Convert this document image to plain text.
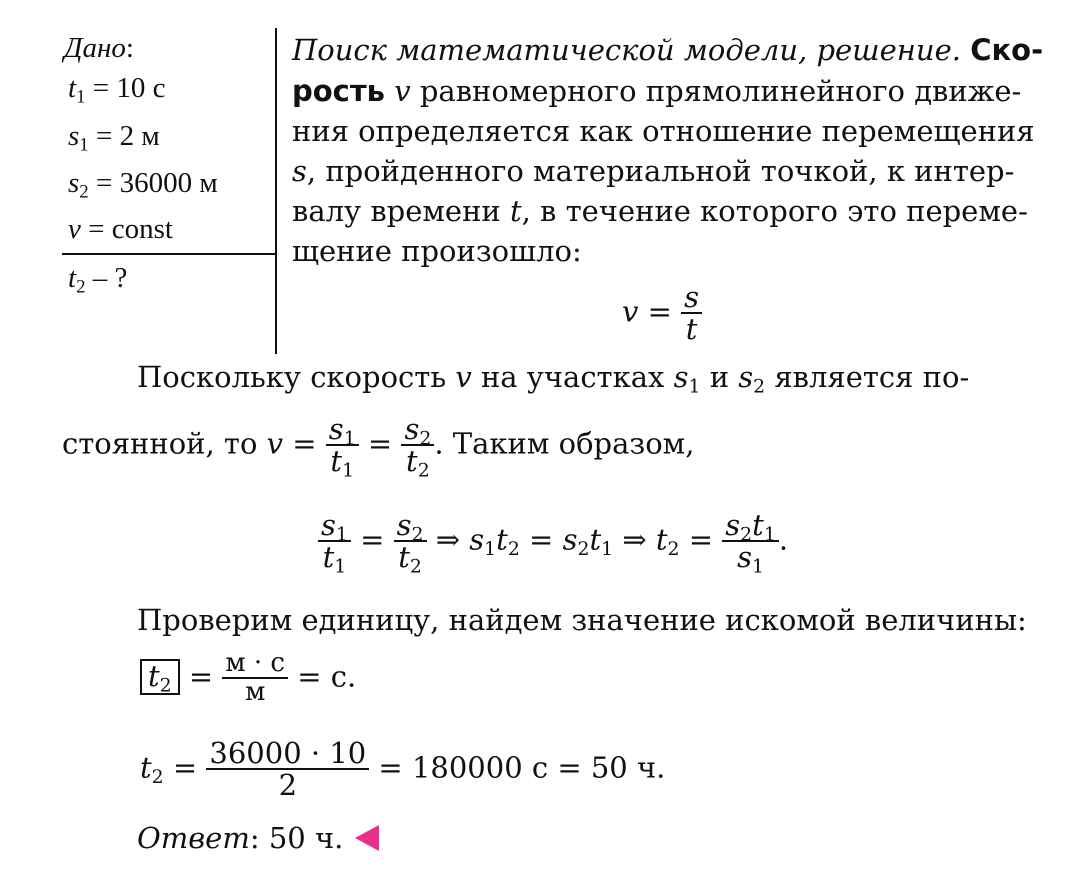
Дано:
$t_1 = 10$ с
$s_1 = 2$ м
$s_2 = 36000$ м
v = const
$t_2$ – ?
Поиск математической модели, решение. Ско-
рость v равномерного прямолинейного движе-
ния определяется как отношение перемещения
s, пройденного материальной точкой, к интер-
валу времени t, в течение которого это переме-
щение произошло:
$v = \frac{s}{t}$
Поскольку скорость v на участках $s_1$ и $s_2$ является по-
стоянной, то $v = \frac{s_1}{t_1} = \frac{s_2}{t_2}$ . Таким образом,
$\frac{s_1}{t_1} = \frac{s_2}{t_2}$ ⇒ $s_1t_2 = s_2t_1$ ⇒ $t_2 = \frac{s_2t_1}{s_1}$ .
Проверим единицу, найдем значение искомой величины:
$t_2 = \frac{м \cdot с}{м} = с$.
$t_2 = \frac{36000 \cdot 10}{2} = 180000$ с = 50 ч.
Ответ : 50 ч.
